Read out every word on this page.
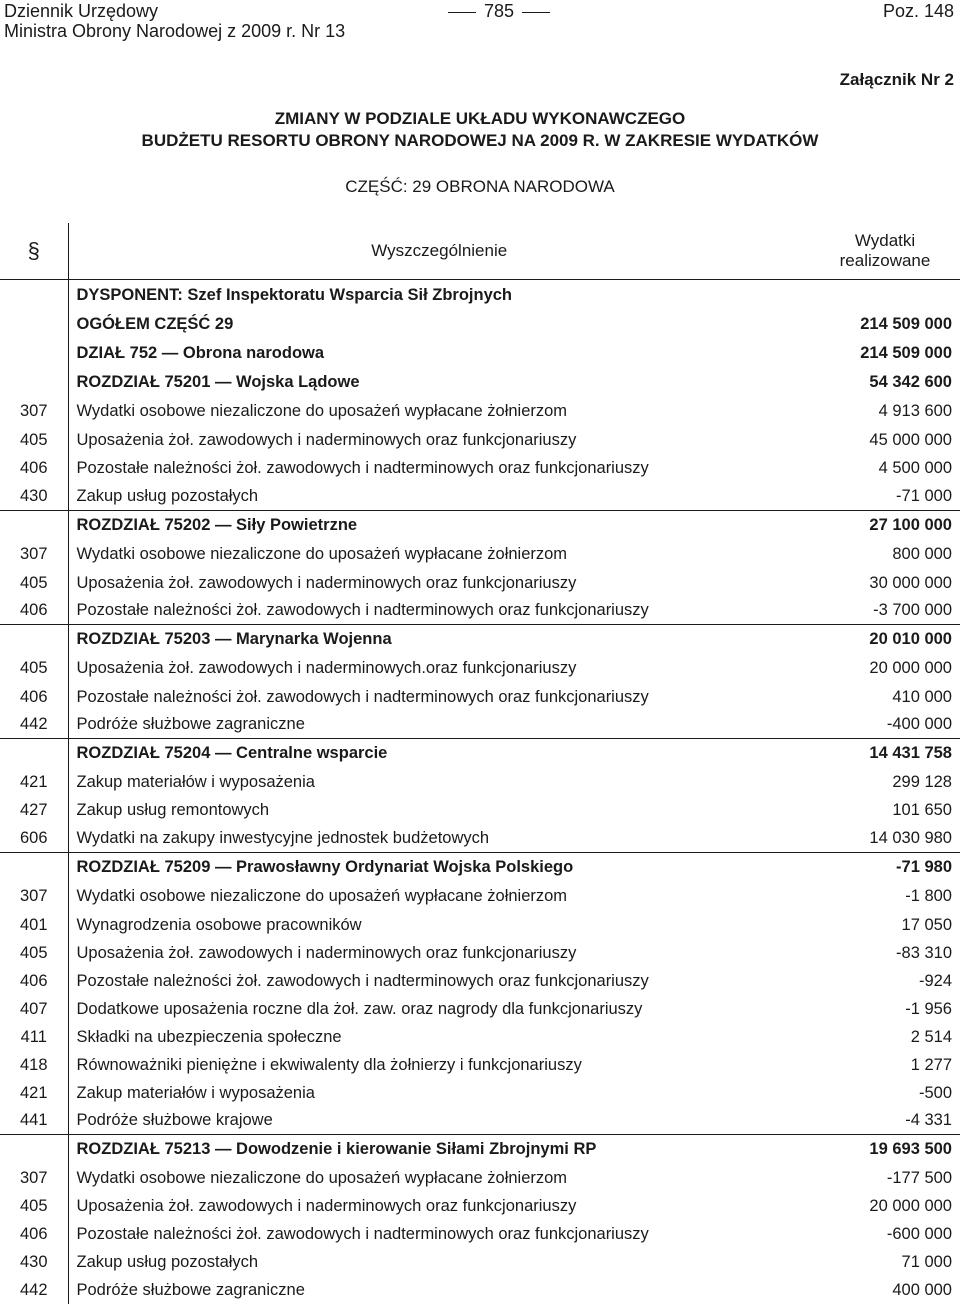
Dziennik Urzędowy
Ministra Obrony Narodowej z 2009 r. Nr 13
785	Poz. 148
Załącznik Nr 2
ZMIANY W PODZIALE UKŁADU WYKONAWCZEGO
BUDŻETU RESORTU OBRONY NARODOWEJ NA 2009 R. W ZAKRESIE WYDATKÓW
CZĘŚĆ: 29 OBRONA NARODOWA
§	Wyszczególnienie	Wydatki
realizowane
	DYSPONENT: Szef Inspektoratu Wsparcia Sił Zbrojnych	
	OGÓŁEM CZĘŚĆ 29	214 509 000
	DZIAŁ 752 — Obrona narodowa	214 509 000
	ROZDZIAŁ 75201 — Wojska Lądowe	54 342 600
307	Wydatki osobowe niezaliczone do uposażeń wypłacane żołnierzom	4 913 600
405	Uposażenia żoł. zawodowych i naderminowych oraz funkcjonariuszy	45 000 000
406	Pozostałe należności żoł. zawodowych i nadterminowych oraz funkcjonariuszy	4 500 000
430	Zakup usług pozostałych	-71 000
	ROZDZIAŁ 75202 — Siły Powietrzne	27 100 000
307	Wydatki osobowe niezaliczone do uposażeń wypłacane żołnierzom	800 000
405	Uposażenia żoł. zawodowych i naderminowych oraz funkcjonariuszy	30 000 000
406	Pozostałe należności żoł. zawodowych i nadterminowych oraz funkcjonariuszy	-3 700 000
	ROZDZIAŁ 75203 — Marynarka Wojenna	20 010 000
405	Uposażenia żoł. zawodowych i naderminowych.oraz funkcjonariuszy	20 000 000
406	Pozostałe należności żoł. zawodowych i nadterminowych oraz funkcjonariuszy	410 000
442	Podróże służbowe zagraniczne	-400 000
	ROZDZIAŁ 75204 — Centralne wsparcie	14 431 758
421	Zakup materiałów i wyposażenia	299 128
427	Zakup usług remontowych	101 650
606	Wydatki na zakupy inwestycyjne jednostek budżetowych	14 030 980
	ROZDZIAŁ 75209 — Prawosławny Ordynariat Wojska Polskiego	-71 980
307	Wydatki osobowe niezaliczone do uposażeń wypłacane żołnierzom	-1 800
401	Wynagrodzenia osobowe pracowników	17 050
405	Uposażenia żoł. zawodowych i naderminowych oraz funkcjonariuszy	-83 310
406	Pozostałe należności żoł. zawodowych i nadterminowych oraz funkcjonariuszy	-924
407	Dodatkowe uposażenia roczne dla żoł. zaw. oraz nagrody dla funkcjonariuszy	-1 956
411	Składki na ubezpieczenia społeczne	2 514
418	Równoważniki pieniężne i ekwiwalenty dla żołnierzy i funkcjonariuszy	1 277
421	Zakup materiałów i wyposażenia	-500
441	Podróże służbowe krajowe	-4 331
	ROZDZIAŁ 75213 — Dowodzenie i kierowanie Siłami Zbrojnymi RP	19 693 500
307	Wydatki osobowe niezaliczone do uposażeń wypłacane żołnierzom	-177 500
405	Uposażenia żoł. zawodowych i naderminowych oraz funkcjonariuszy	20 000 000
406	Pozostałe należności żoł. zawodowych i nadterminowych oraz funkcjonariuszy	-600 000
430	Zakup usług pozostałych	71 000
442	Podróże służbowe zagraniczne	400 000
